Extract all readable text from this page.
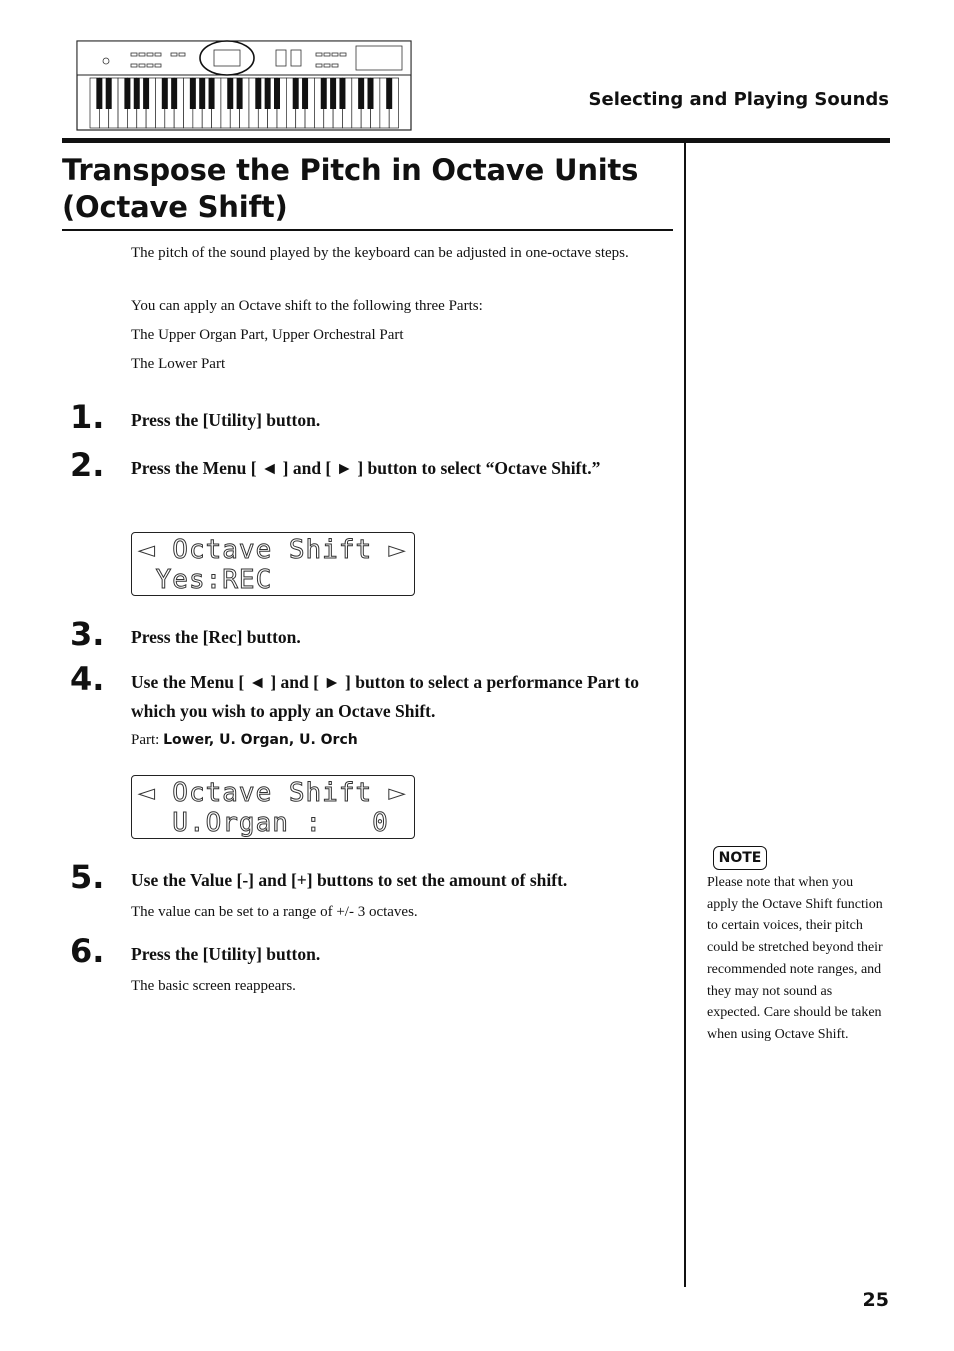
Selecting and Playing Sounds
Transpose the Pitch in Octave Units
(Octave Shift)
The pitch of the sound played by the keyboard can be adjusted in one-octave steps.
You can apply an Octave shift to the following three Parts:
The Upper Organ Part, Upper Orchestral Part
The Lower Part
1. Press the [Utility] button.
2. Press the Menu [ ◄ ] and [ ► ] button to select “Octave Shift.”
◄ Octave Shift ►
Yes:REC
3. Press the [Rec] button.
4. Use the Menu [ ◄ ] and [ ► ] button to select a performance Part to which you wish to apply an Octave Shift.
Part: Lower, U. Organ, U. Orch
◄ Octave Shift ►
U.Organ :   0
5. Use the Value [-] and [+] buttons to set the amount of shift.
The value can be set to a range of +/- 3 octaves.
6. Press the [Utility] button.
The basic screen reappears.
NOTE
Please note that when you apply the Octave Shift function to certain voices, their pitch could be stretched beyond their recommended note ranges, and they may not sound as expected. Care should be taken when using Octave Shift.
25
